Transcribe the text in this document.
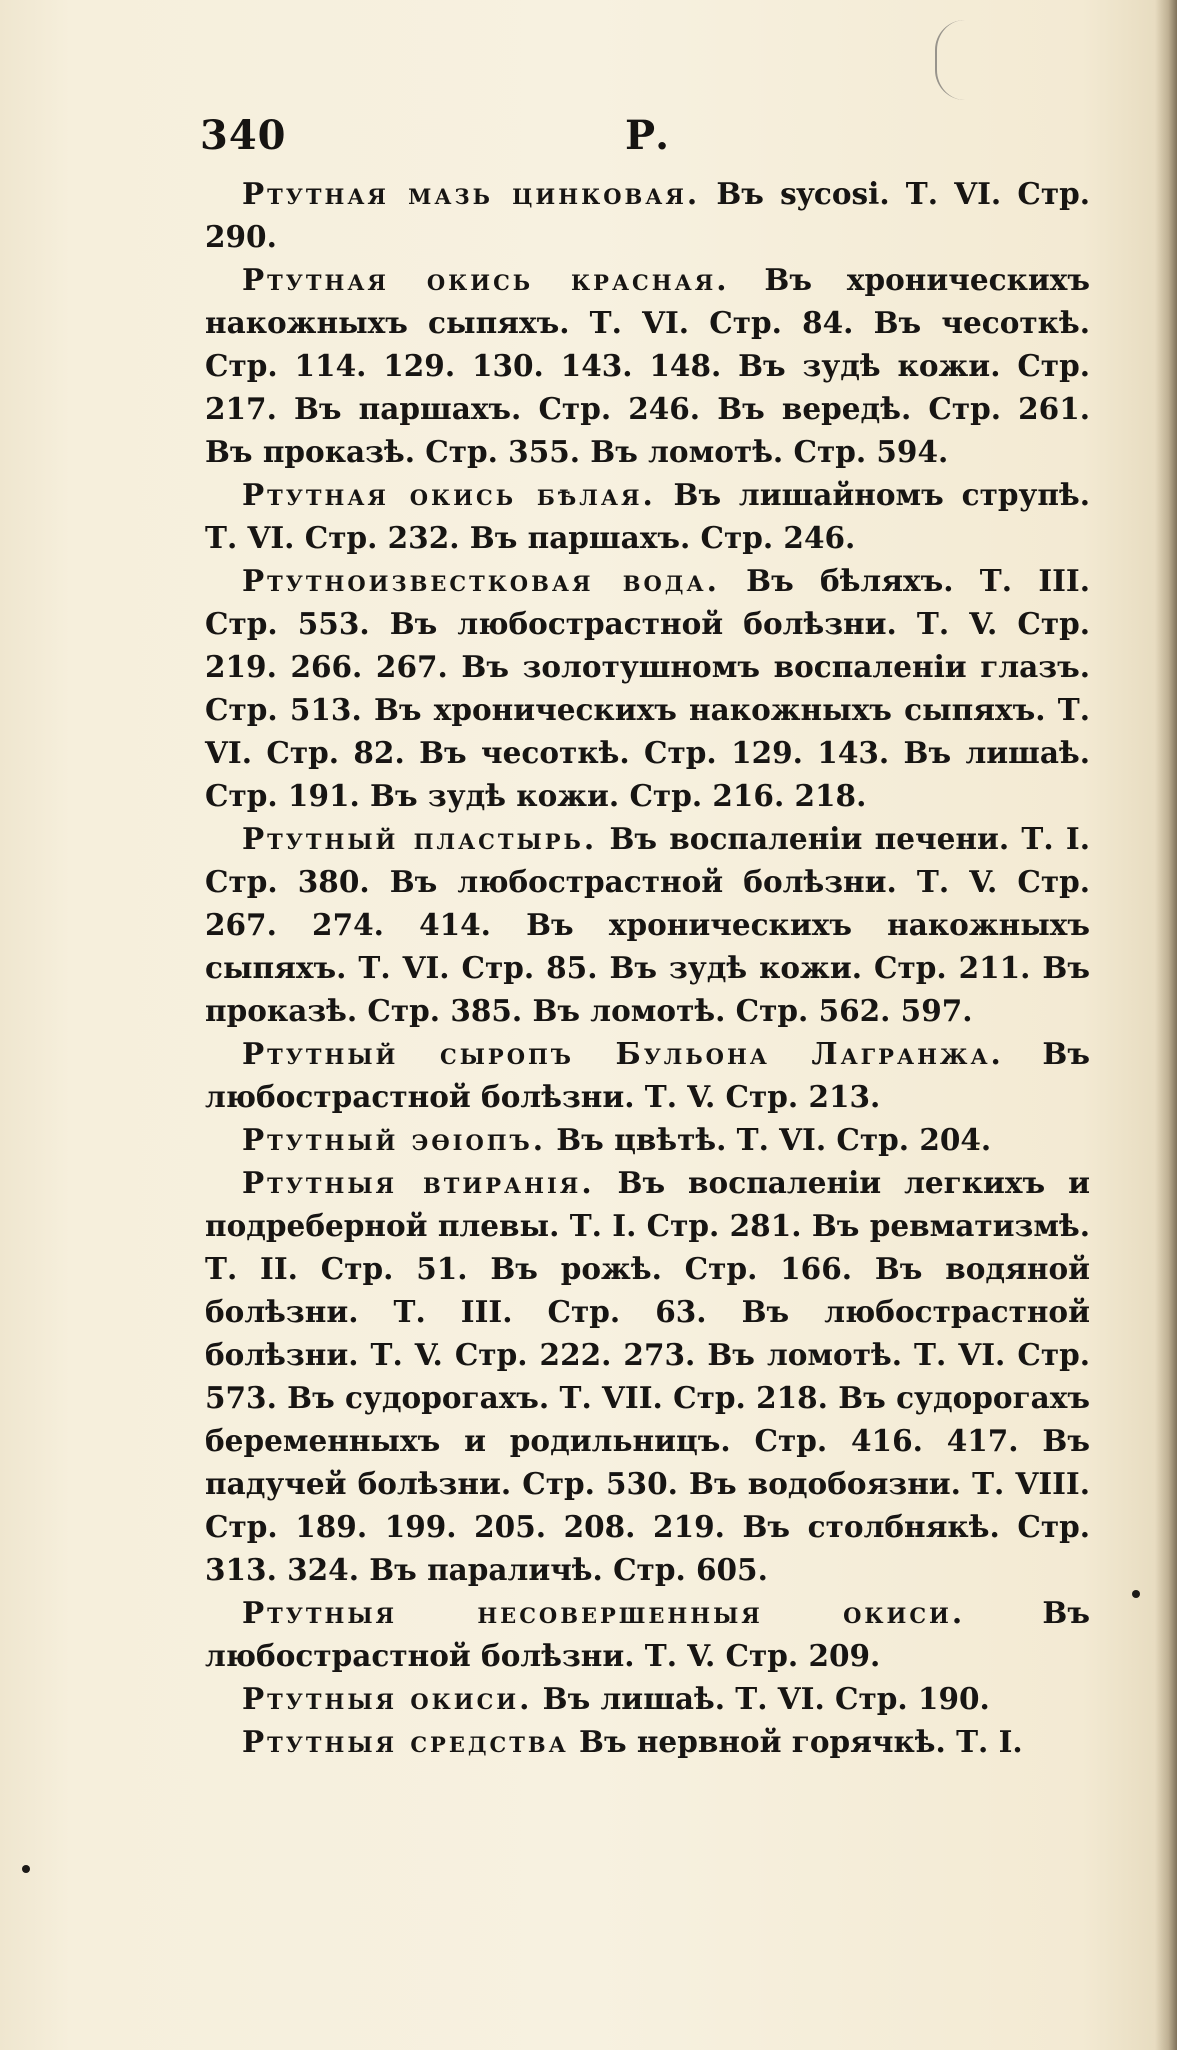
340	Р.

Ртутная мазь цинковая. Въ sycosi. Т. VI. Стр. 290.

Ртутная окись красная. Въ хроническихъ накожныхъ сыпяхъ. Т. VI. Стр. 84. Въ чесоткѣ. Стр. 114. 129. 130. 143. 148. Въ зудѣ кожи. Стр. 217. Въ паршахъ. Стр. 246. Въ вередѣ. Стр. 261. Въ проказѣ. Стр. 355. Въ ломотѣ. Стр. 594.

Ртутная окись бѣлая. Въ лишайномъ струпѣ. Т. VI. Стр. 232. Въ паршахъ. Стр. 246.

Ртутноизвестковая вода. Въ бѣляхъ. Т. III. Стр. 553. Въ любострастной болѣзни. Т. V. Стр. 219. 266. 267. Въ золотушномъ воспаленіи глазъ. Стр. 513. Въ хроническихъ накожныхъ сыпяхъ. Т. VI. Стр. 82. Въ чесоткѣ. Стр. 129. 143. Въ лишаѣ. Стр. 191. Въ зудѣ кожи. Стр. 216. 218.

Ртутный пластырь. Въ воспаленіи печени. Т. I. Стр. 380. Въ любострастной болѣзни. Т. V. Стр. 267. 274. 414. Въ хроническихъ накожныхъ сыпяхъ. Т. VI. Стр. 85. Въ зудѣ кожи. Стр. 211. Въ проказѣ. Стр. 385. Въ ломотѣ. Стр. 562. 597.

Ртутный сыропъ Бульона Лагранжа. Въ любострастной болѣзни. Т. V. Стр. 213.

Ртутный эѳіопъ. Въ цвѣтѣ. Т. VI. Стр. 204.

Ртутныя втиранія. Въ воспаленіи легкихъ и подреберной плевы. Т. I. Стр. 281. Въ ревматизмѣ. Т. II. Стр. 51. Въ рожѣ. Стр. 166. Въ водяной болѣзни. Т. III. Стр. 63. Въ любострастной болѣзни. Т. V. Стр. 222. 273. Въ ломотѣ. Т. VI. Стр. 573. Въ судорогахъ. Т. VII. Стр. 218. Въ судорогахъ беременныхъ и родильницъ. Стр. 416. 417. Въ падучей болѣзни. Стр. 530. Въ водобоязни. Т. VIII. Стр. 189. 199. 205. 208. 219. Въ столбнякѣ. Стр. 313. 324. Въ параличѣ. Стр. 605.

Ртутныя несовершенныя окиси. Въ любострастной болѣзни. Т. V. Стр. 209.

Ртутныя окиси. Въ лишаѣ. Т. VI. Стр. 190.

Ртутныя средства Въ нервной горячкѣ. Т. I.
